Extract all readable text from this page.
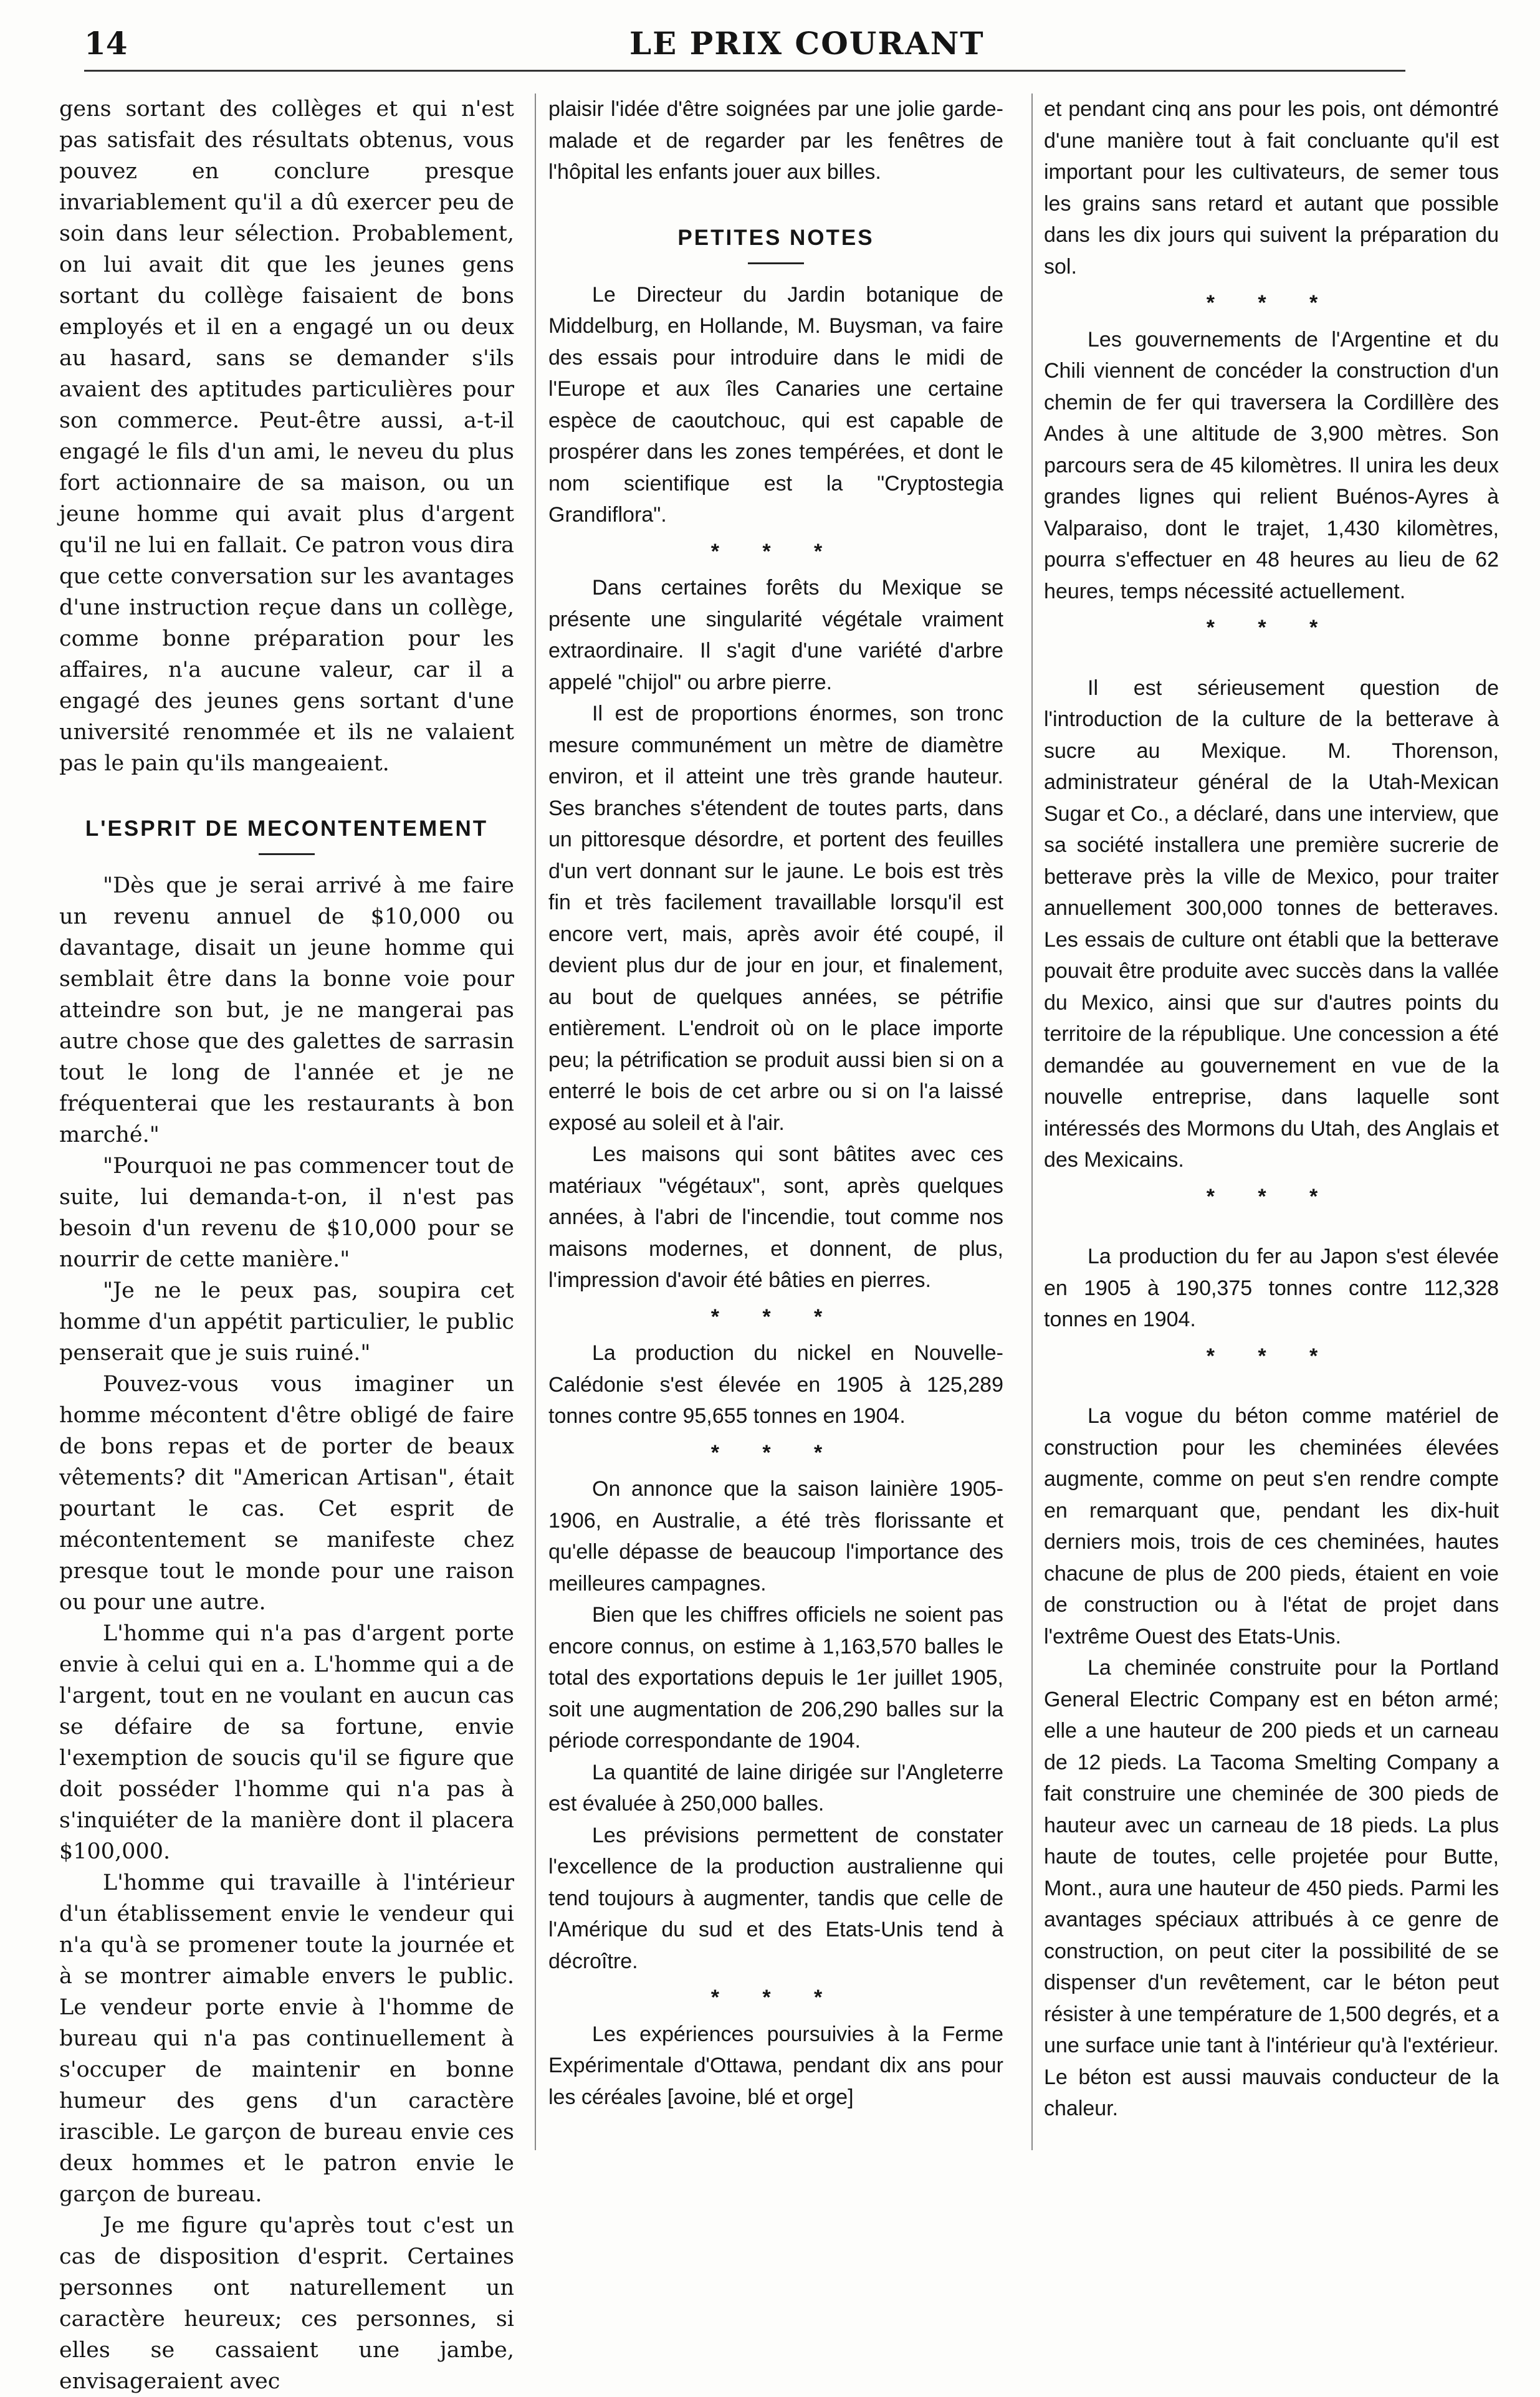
14	LE PRIX COURANT

gens sortant des collèges et qui n'est pas satisfait des résultats obtenus, vous pouvez en conclure presque invariablement qu'il a dû exercer peu de soin dans leur sélection. Probablement, on lui avait dit que les jeunes gens sortant du collège faisaient de bons employés et il en a engagé un ou deux au hasard, sans se demander s'ils avaient des aptitudes particulières pour son commerce. Peut-être aussi, a-t-il engagé le fils d'un ami, le neveu du plus fort actionnaire de sa maison, ou un jeune homme qui avait plus d'argent qu'il ne lui en fallait. Ce patron vous dira que cette conversation sur les avantages d'une instruction reçue dans un collège, comme bonne préparation pour les affaires, n'a aucune valeur, car il a engagé des jeunes gens sortant d'une université renommée et ils ne valaient pas le pain qu'ils mangeaient.

L'ESPRIT DE MECONTENTEMENT

"Dès que je serai arrivé à me faire un revenu annuel de $10,000 ou davantage, disait un jeune homme qui semblait être dans la bonne voie pour atteindre son but, je ne mangerai pas autre chose que des galettes de sarrasin tout le long de l'année et je ne fréquenterai que les restaurants à bon marché."

"Pourquoi ne pas commencer tout de suite, lui demanda-t-on, il n'est pas besoin d'un revenu de $10,000 pour se nourrir de cette manière."

"Je ne le peux pas, soupira cet homme d'un appétit particulier, le public penserait que je suis ruiné."

Pouvez-vous vous imaginer un homme mécontent d'être obligé de faire de bons repas et de porter de beaux vêtements? dit "American Artisan", était pourtant le cas. Cet esprit de mécontentement se manifeste chez presque tout le monde pour une raison ou pour une autre.

L'homme qui n'a pas d'argent porte envie à celui qui en a. L'homme qui a de l'argent, tout en ne voulant en aucun cas se défaire de sa fortune, envie l'exemption de soucis qu'il se figure que doit posséder l'homme qui n'a pas à s'inquiéter de la manière dont il placera $100,000.

L'homme qui travaille à l'intérieur d'un établissement envie le vendeur qui n'a qu'à se promener toute la journée et à se montrer aimable envers le public. Le vendeur porte envie à l'homme de bureau qui n'a pas continuellement à s'occuper de maintenir en bonne humeur des gens d'un caractère irascible. Le garçon de bureau envie ces deux hommes et le patron envie le garçon de bureau.

Je me figure qu'après tout c'est un cas de disposition d'esprit. Certaines personnes ont naturellement un caractère heureux; ces personnes, si elles se cassaient une jambe, envisageraient avec

plaisir l'idée d'être soignées par une jolie garde-malade et de regarder par les fenêtres de l'hôpital les enfants jouer aux billes.

PETITES NOTES

Le Directeur du Jardin botanique de Middelburg, en Hollande, M. Buysman, va faire des essais pour introduire dans le midi de l'Europe et aux îles Canaries une certaine espèce de caoutchouc, qui est capable de prospérer dans les zones tempérées, et dont le nom scientifique est la "Cryptostegia Grandiflora".

* * *

Dans certaines forêts du Mexique se présente une singularité végétale vraiment extraordinaire. Il s'agit d'une variété d'arbre appelé "chijol" ou arbre pierre.

Il est de proportions énormes, son tronc mesure communément un mètre de diamètre environ, et il atteint une très grande hauteur. Ses branches s'étendent de toutes parts, dans un pittoresque désordre, et portent des feuilles d'un vert donnant sur le jaune. Le bois est très fin et très facilement travaillable lorsqu'il est encore vert, mais, après avoir été coupé, il devient plus dur de jour en jour, et finalement, au bout de quelques années, se pétrifie entièrement. L'endroit où on le place importe peu; la pétrification se produit aussi bien si on a enterré le bois de cet arbre ou si on l'a laissé exposé au soleil et à l'air.

Les maisons qui sont bâtites avec ces matériaux "végétaux", sont, après quelques années, à l'abri de l'incendie, tout comme nos maisons modernes, et donnent, de plus, l'impression d'avoir été bâties en pierres.

* * *

La production du nickel en Nouvelle-Calédonie s'est élevée en 1905 à 125,289 tonnes contre 95,655 tonnes en 1904.

* * *

On annonce que la saison lainière 1905-1906, en Australie, a été très florissante et qu'elle dépasse de beaucoup l'importance des meilleures campagnes.

Bien que les chiffres officiels ne soient pas encore connus, on estime à 1,163,570 balles le total des exportations depuis le 1er juillet 1905, soit une augmentation de 206,290 balles sur la période correspondante de 1904.

La quantité de laine dirigée sur l'Angleterre est évaluée à 250,000 balles.

Les prévisions permettent de constater l'excellence de la production australienne qui tend toujours à augmenter, tandis que celle de l'Amérique du sud et des Etats-Unis tend à décroître.

* * *

Les expériences poursuivies à la Ferme Expérimentale d'Ottawa, pendant dix ans pour les céréales [avoine, blé et orge]

et pendant cinq ans pour les pois, ont démontré d'une manière tout à fait concluante qu'il est important pour les cultivateurs, de semer tous les grains sans retard et autant que possible dans les dix jours qui suivent la préparation du sol.

* * *

Les gouvernements de l'Argentine et du Chili viennent de concéder la construction d'un chemin de fer qui traversera la Cordillère des Andes à une altitude de 3,900 mètres. Son parcours sera de 45 kilomètres. Il unira les deux grandes lignes qui relient Buénos-Ayres à Valparaiso, dont le trajet, 1,430 kilomètres, pourra s'effectuer en 48 heures au lieu de 62 heures, temps nécessité actuellement.

* * *

Il est sérieusement question de l'introduction de la culture de la betterave à sucre au Mexique. M. Thorenson, administrateur général de la Utah-Mexican Sugar et Co., a déclaré, dans une interview, que sa société installera une première sucrerie de betterave près la ville de Mexico, pour traiter annuellement 300,000 tonnes de betteraves. Les essais de culture ont établi que la betterave pouvait être produite avec succès dans la vallée du Mexico, ainsi que sur d'autres points du territoire de la république. Une concession a été demandée au gouvernement en vue de la nouvelle entreprise, dans laquelle sont intéressés des Mormons du Utah, des Anglais et des Mexicains.

* * *

La production du fer au Japon s'est élevée en 1905 à 190,375 tonnes contre 112,328 tonnes en 1904.

* * *

La vogue du béton comme matériel de construction pour les cheminées élevées augmente, comme on peut s'en rendre compte en remarquant que, pendant les dix-huit derniers mois, trois de ces cheminées, hautes chacune de plus de 200 pieds, étaient en voie de construction ou à l'état de projet dans l'extrême Ouest des Etats-Unis.

La cheminée construite pour la Portland General Electric Company est en béton armé; elle a une hauteur de 200 pieds et un carneau de 12 pieds. La Tacoma Smelting Company a fait construire une cheminée de 300 pieds de hauteur avec un carneau de 18 pieds. La plus haute de toutes, celle projetée pour Butte, Mont., aura une hauteur de 450 pieds. Parmi les avantages spéciaux attribués à ce genre de construction, on peut citer la possibilité de se dispenser d'un revêtement, car le béton peut résister à une température de 1,500 degrés, et a une surface unie tant à l'intérieur qu'à l'extérieur. Le béton est aussi mauvais conducteur de la chaleur.
